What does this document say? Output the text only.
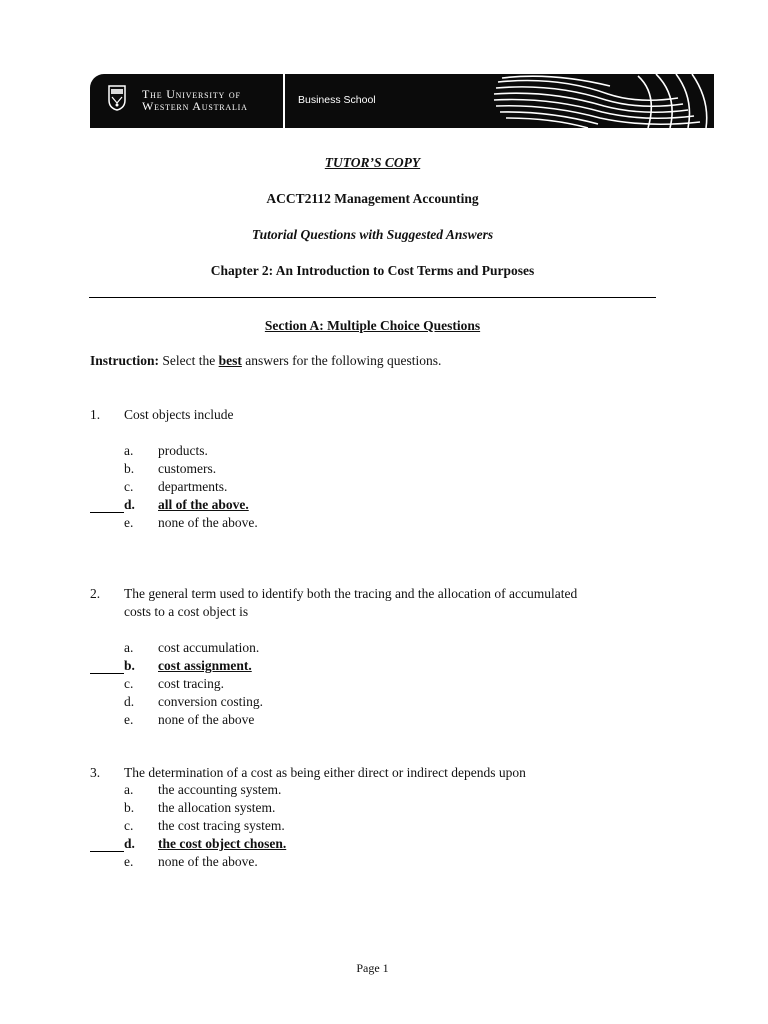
The University of
Western Australia	Business School
TUTOR’S COPY
ACCT2112 Management Accounting
Tutorial Questions with Suggested Answers
Chapter 2: An Introduction to Cost Terms and Purposes
Section A: Multiple Choice Questions
Instruction: Select the best answers for the following questions.
1. Cost objects include
a. products.
b. customers.
c. departments.
d. all of the above.
e. none of the above.
2. The general term used to identify both the tracing and the allocation of accumulated
costs to a cost object is
a. cost accumulation.
b. cost assignment.
c. cost tracing.
d. conversion costing.
e. none of the above
3. The determination of a cost as being either direct or indirect depends upon
a. the accounting system.
b. the allocation system.
c. the cost tracing system.
d. the cost object chosen.
e. none of the above.
Page 1
